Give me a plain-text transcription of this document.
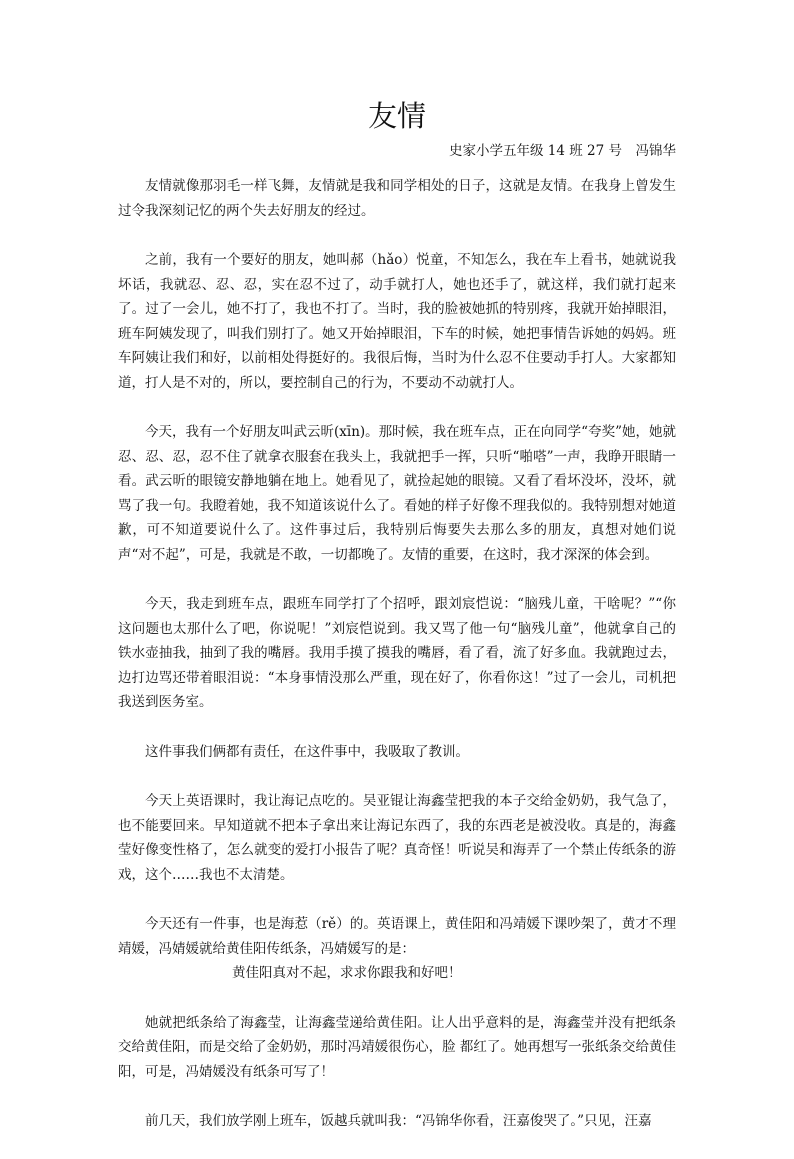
友情
史家小学五年级 14 班 27 号　冯锦华

友情就像那羽毛一样飞舞，友情就是我和同学相处的日子，这就是友情。在我身上曾发生过令我深刻记忆的两个失去好朋友的经过。

之前，我有一个要好的朋友，她叫郝（hǎo）悦童，不知怎么，我在车上看书，她就说我坏话，我就忍、忍、忍，实在忍不过了，动手就打人，她也还手了，就这样，我们就打起来了。过了一会儿，她不打了，我也不打了。当时，我的脸被她抓的特别疼，我就开始掉眼泪，班车阿姨发现了，叫我们别打了。她又开始掉眼泪，下车的时候，她把事情告诉她的妈妈。班车阿姨让我们和好，以前相处得挺好的。我很后悔，当时为什么忍不住要动手打人。大家都知道，打人是不对的，所以，要控制自己的行为，不要动不动就打人。

今天，我有一个好朋友叫武云昕(xīn)。那时候，我在班车点，正在向同学“夸奖”她，她就忍、忍、忍，忍不住了就拿衣服套在我头上，我就把手一挥，只听“啪嗒”一声，我睁开眼睛一看。武云昕的眼镜安静地躺在地上。她看见了，就捡起她的眼镜。又看了看坏没坏，没坏，就骂了我一句。我瞪着她，我不知道该说什么了。看她的样子好像不理我似的。我特别想对她道歉，可不知道要说什么了。这件事过后，我特别后悔要失去那么多的朋友，真想对她们说声“对不起”，可是，我就是不敢，一切都晚了。友情的重要，在这时，我才深深的体会到。

今天，我走到班车点，跟班车同学打了个招呼，跟刘宸恺说：“脑残儿童，干啥呢？”“你这问题也太那什么了吧，你说呢！”刘宸恺说到。我又骂了他一句“脑残儿童”，他就拿自己的铁水壶抽我，抽到了我的嘴唇。我用手摸了摸我的嘴唇，看了看，流了好多血。我就跑过去，边打边骂还带着眼泪说：“本身事情没那么严重，现在好了，你看你这！”过了一会儿，司机把我送到医务室。

这件事我们俩都有责任，在这件事中，我吸取了教训。

今天上英语课时，我让海记点吃的。吴亚锟让海鑫莹把我的本子交给金奶奶，我气急了，也不能要回来。早知道就不把本子拿出来让海记东西了，我的东西老是被没收。真是的，海鑫莹好像变性格了，怎么就变的爱打小报告了呢？真奇怪！听说吴和海弄了一个禁止传纸条的游戏，这个……我也不太清楚。

今天还有一件事，也是海惹（rě）的。英语课上，黄佳阳和冯靖媛下课吵架了，黄才不理靖媛，冯婧媛就给黄佳阳传纸条，冯婧媛写的是：

黄佳阳真对不起，求求你跟我和好吧！

她就把纸条给了海鑫莹，让海鑫莹递给黄佳阳。让人出乎意料的是，海鑫莹并没有把纸条交给黄佳阳，而是交给了金奶奶，那时冯靖媛很伤心，脸 都红了。她再想写一张纸条交给黄佳阳，可是，冯婧媛没有纸条可写了！

前几天，我们放学刚上班车，饭越兵就叫我：“冯锦华你看，汪嘉俊哭了。”只见，汪嘉
